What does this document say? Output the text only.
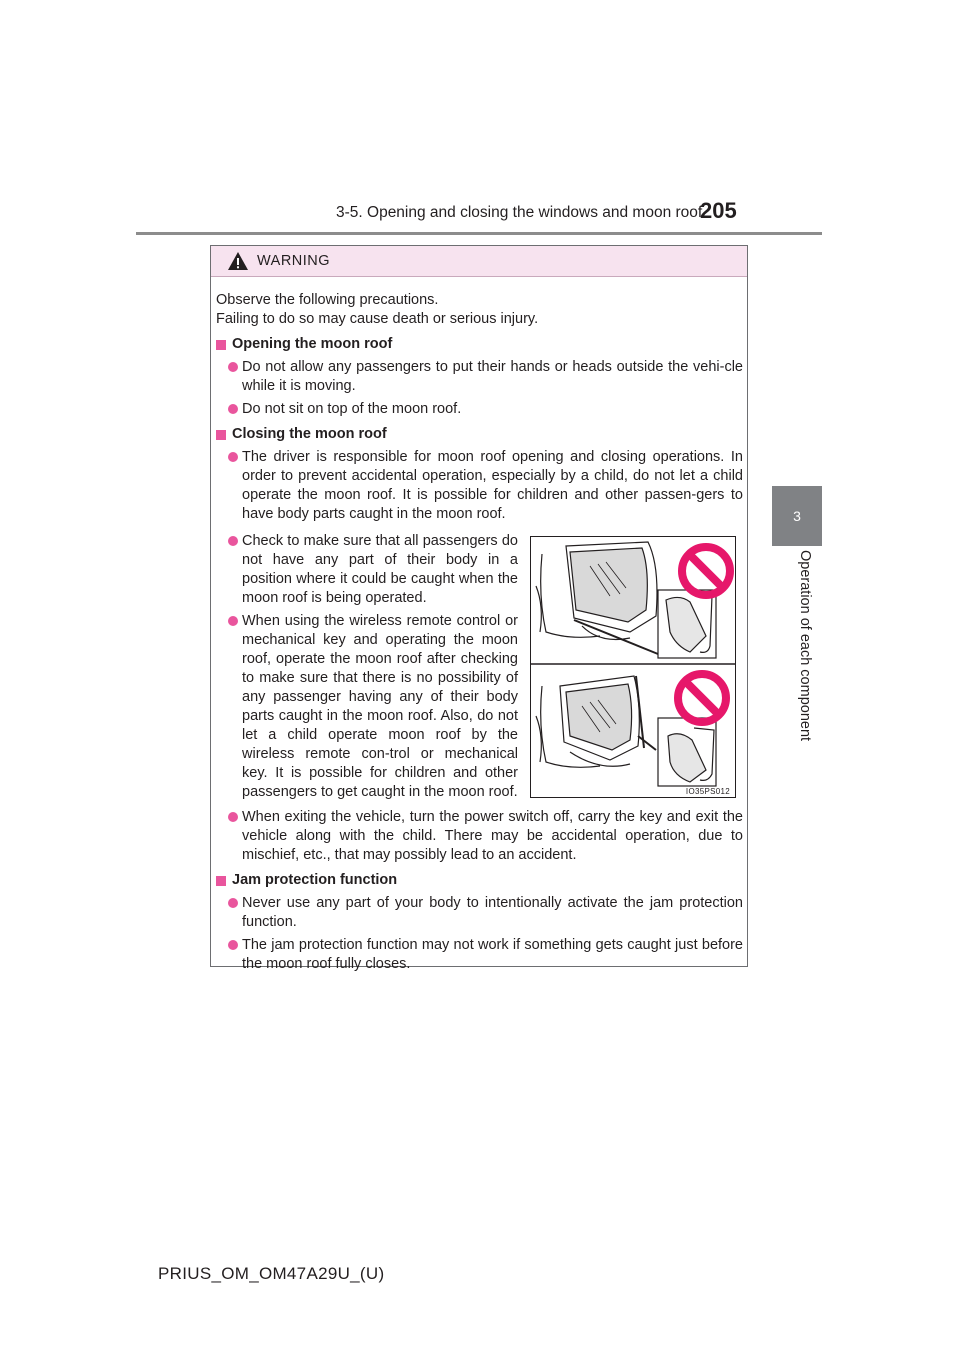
3-5. Opening and closing the windows and moon roof
205
3
Operation of each component
WARNING

Observe the following precautions.

Failing to do so may cause death or serious injury.

Opening the moon roof
Do not allow any passengers to put their hands or heads outside the vehi-cle while it is moving.
Do not sit on top of the moon roof.
Closing the moon roof
The driver is responsible for moon roof opening and closing operations. In order to prevent accidental operation, especially by a child, do not let a child operate the moon roof. It is possible for children and other passen-gers to have body parts caught in the moon roof.
Check to make sure that all passengers do not have any part of their body in a position where it could be caught when the moon roof is being operated.
When using the wireless remote control or mechanical key and operating the moon roof, operate the moon roof after checking to make sure that there is no possibility of any passenger having any of their body parts caught in the moon roof. Also, do not let a child operate moon roof by the wireless remote con-trol or mechanical key. It is possible for children and other passengers to get caught in the moon roof.	IO35PS012
When exiting the vehicle, turn the power switch off, carry the key and exit the vehicle along with the child. There may be accidental operation, due to mischief, etc., that may possibly lead to an accident.
Jam protection function
Never use any part of your body to intentionally activate the jam protection function.
The jam protection function may not work if something gets caught just before the moon roof fully closes.
PRIUS_OM_OM47A29U_(U)
